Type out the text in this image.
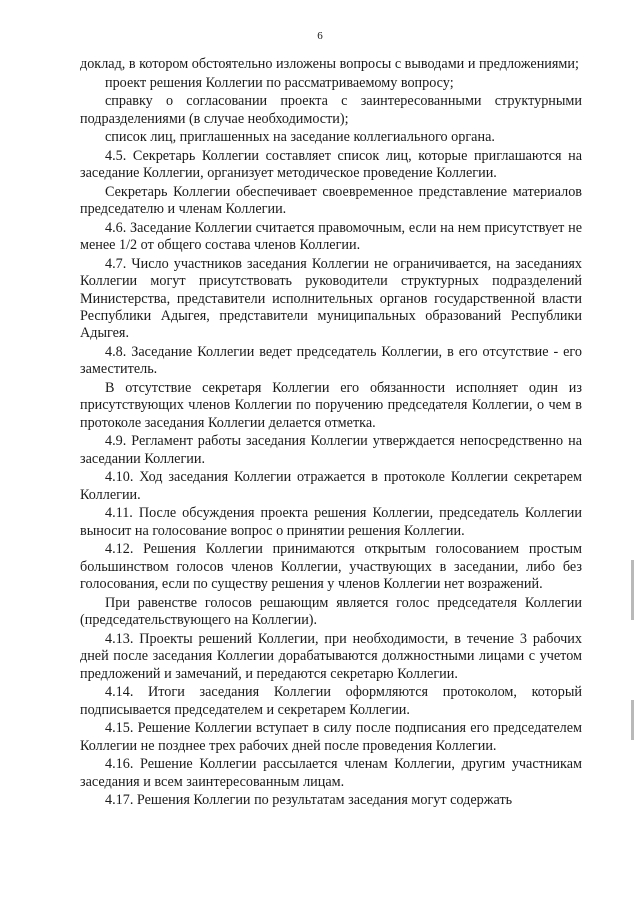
6

доклад, в котором обстоятельно изложены вопросы с выводами и предложениями;

проект решения Коллегии по рассматриваемому вопросу;

справку о согласовании проекта с заинтересованными структурными подразделениями (в случае необходимости);

список лиц, приглашенных на заседание коллегиального органа.

4.5. Секретарь Коллегии составляет список лиц, которые приглашаются на заседание Коллегии, организует методическое проведение Коллегии.

Секретарь Коллегии обеспечивает своевременное представление материалов председателю и членам Коллегии.

4.6. Заседание Коллегии считается правомочным, если на нем присутствует не менее 1/2 от общего состава членов Коллегии.

4.7. Число участников заседания Коллегии не ограничивается, на заседаниях Коллегии могут присутствовать руководители структурных подразделений Министерства, представители исполнительных органов государственной власти Республики Адыгея, представители муниципальных образований Республики Адыгея.

4.8. Заседание Коллегии ведет председатель Коллегии, в его отсутствие - его заместитель.

В отсутствие секретаря Коллегии его обязанности исполняет один из присутствующих членов Коллегии по поручению председателя Коллегии, о чем в протоколе заседания Коллегии делается отметка.

4.9. Регламент работы заседания Коллегии утверждается непосредственно на заседании Коллегии.

4.10. Ход заседания Коллегии отражается в протоколе Коллегии секретарем Коллегии.

4.11. После обсуждения проекта решения Коллегии, председатель Коллегии выносит на голосование вопрос о принятии решения Коллегии.

4.12. Решения Коллегии принимаются открытым голосованием простым большинством голосов членов Коллегии, участвующих в заседании, либо без голосования, если по существу решения у членов Коллегии нет возражений.

При равенстве голосов решающим является голос председателя Коллегии (председательствующего на Коллегии).

4.13. Проекты решений Коллегии, при необходимости, в течение 3 рабочих дней после заседания Коллегии дорабатываются должностными лицами с учетом предложений и замечаний, и передаются секретарю Коллегии.

4.14. Итоги заседания Коллегии оформляются протоколом, который подписывается председателем и секретарем Коллегии.

4.15. Решение Коллегии вступает в силу после подписания его председателем Коллегии не позднее трех рабочих дней после проведения Коллегии.

4.16. Решение Коллегии рассылается членам Коллегии, другим участникам заседания и всем заинтересованным лицам.

4.17. Решения Коллегии по результатам заседания могут содержать
